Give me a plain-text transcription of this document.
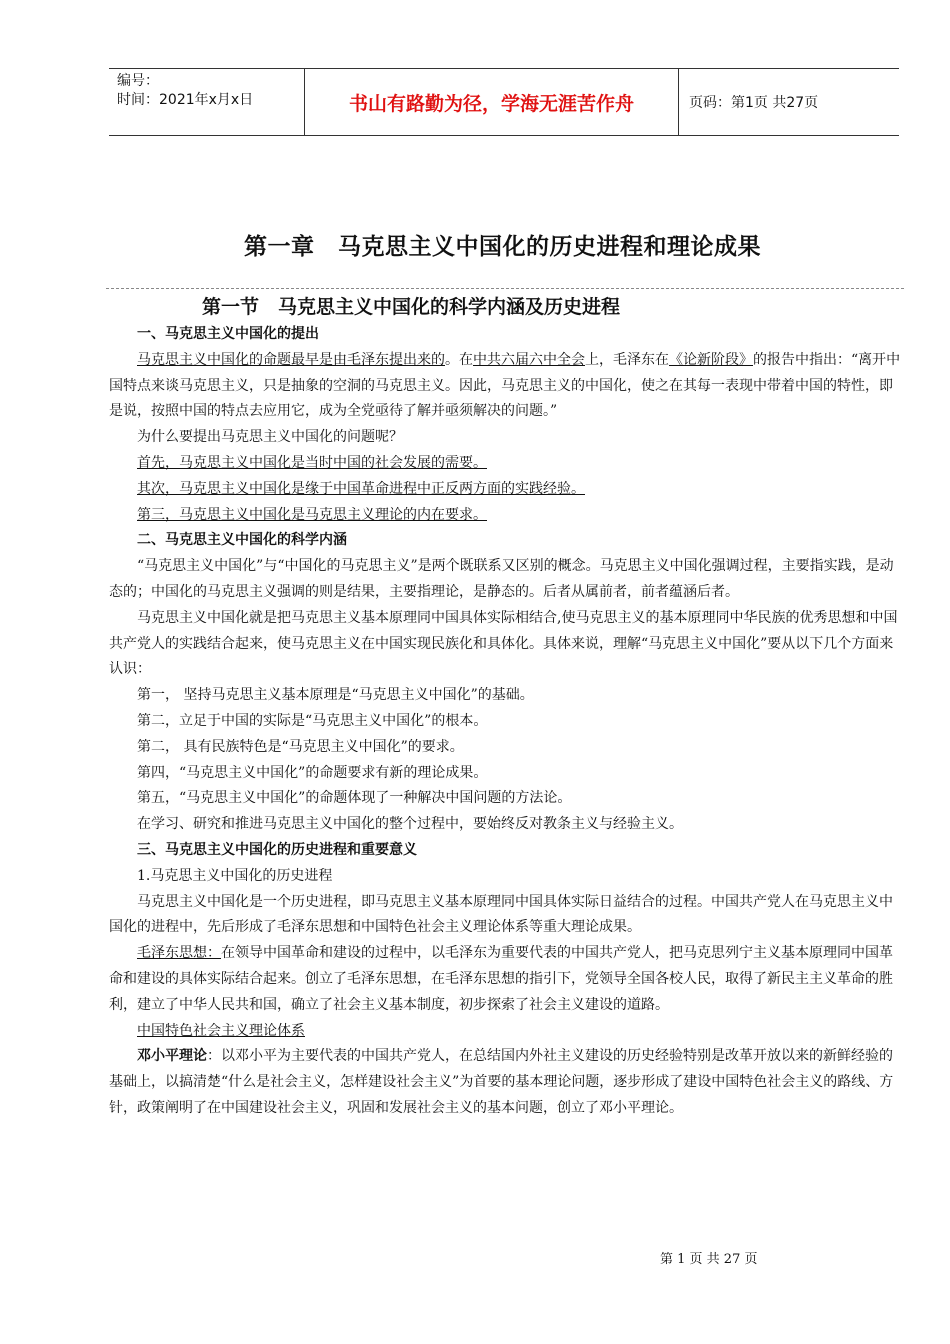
编号：
时间：2021年x月x日	书山有路勤为径，学海无涯苦作舟	页码：第1页 共27页
第一章　马克思主义中国化的历史进程和理论成果
第一节　马克思主义中国化的科学内涵及历史进程

一、马克思主义中国化的提出

马克思主义中国化的命题最早是由毛泽东提出来的。在中共六届六中全会上，毛泽东在《论新阶段》的报告中指出：“离开中国特点来谈马克思主义，只是抽象的空洞的马克思主义。因此，马克思主义的中国化，使之在其每一表现中带着中国的特性，即是说，按照中国的特点去应用它，成为全党亟待了解并亟须解决的问题。”

为什么要提出马克思主义中国化的问题呢？

首先，马克思主义中国化是当时中国的社会发展的需要。

其次，马克思主义中国化是缘于中国革命进程中正反两方面的实践经验。

第三，马克思主义中国化是马克思主义理论的内在要求。

二、马克思主义中国化的科学内涵

“马克思主义中国化”与“中国化的马克思主义”是两个既联系又区别的概念。马克思主义中国化强调过程，主要指实践，是动态的；中国化的马克思主义强调的则是结果，主要指理论，是静态的。后者从属前者，前者蕴涵后者。

马克思主义中国化就是把马克思主义基本原理同中国具体实际相结合,使马克思主义的基本原理同中华民族的优秀思想和中国共产党人的实践结合起来，使马克思主义在中国实现民族化和具体化。具体来说，理解“马克思主义中国化”要从以下几个方面来认识：

第一， 坚持马克思主义基本原理是“马克思主义中国化”的基础。

第二，立足于中国的实际是“马克思主义中国化”的根本。

第二， 具有民族特色是“马克思主义中国化”的要求。

第四，“马克思主义中国化”的命题要求有新的理论成果。

第五，“马克思主义中国化”的命题体现了一种解决中国问题的方法论。

在学习、研究和推进马克思主义中国化的整个过程中，要始终反对教条主义与经验主义。

三、马克思主义中国化的历史进程和重要意义

1.马克思主义中国化的历史进程

马克思主义中国化是一个历史进程，即马克思主义基本原理同中国具体实际日益结合的过程。中国共产党人在马克思主义中国化的进程中，先后形成了毛泽东思想和中国特色社会主义理论体系等重大理论成果。

毛泽东思想：在领导中国革命和建设的过程中，以毛泽东为重要代表的中国共产党人，把马克思列宁主义基本原理同中国革命和建设的具体实际结合起来。创立了毛泽东思想，在毛泽东思想的指引下，党领导全国各校人民，取得了新民主主义革命的胜利，建立了中华人民共和国，确立了社会主义基本制度，初步探索了社会主义建设的道路。

中国特色社会主义理论体系

邓小平理论：以邓小平为主要代表的中国共产党人，在总结国内外社主义建设的历史经验特别是改革开放以来的新鲜经验的基础上，以搞清楚“什么是社会主义，怎样建设社会主义”为首要的基本理论问题，逐步形成了建设中国特色社会主义的路线、方针，政策阐明了在中国建设社会主义，巩固和发展社会主义的基本问题，创立了邓小平理论。

第 1 页 共 27 页
